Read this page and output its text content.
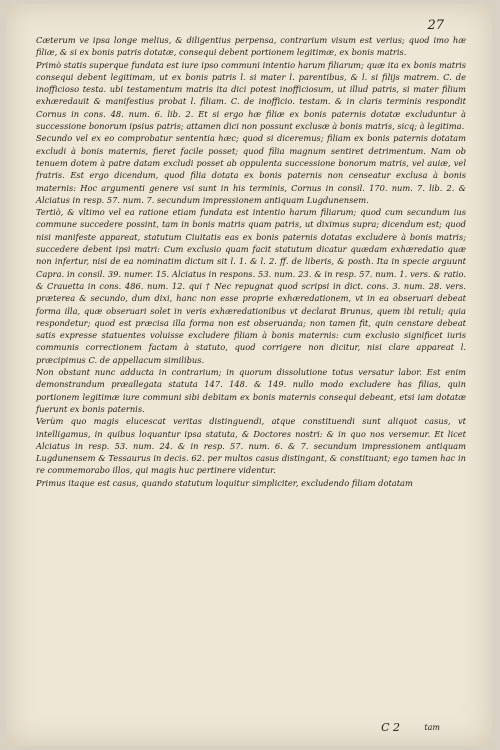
27

Cæterum ve ipsa longe melius, & diligentius perpensa, contrarium visum est verius; quod imo hæ filiæ, & si ex bonis patris dotatæ, consequi debent portionem legitimæ, ex bonis matris.

Primò statis superque fundata est iure ipso communi intentio harum filiarum; quæ ita ex bonis matris consequi debent legitimam, ut ex bonis patris l. si mater l. parentibus, & l. si filijs matrem. C. de inofficioso testa. ubi testamentum matris ita dici potest inofficiosum, ut illud patris, si mater filium exhæredauit & manifestius probat l. filiam. C. de inofficio. testam. & in claris terminis respondit Cornus in cons. 48. num. 6. lib. 2. Et si ergo hæ filiæ ex bonis paternis dotatæ excluduntur à successione bonorum ipsius patris; attamen dici non possunt exclusæ à bonis matris, sicq; à legitima.

Secundo vel ex eo comprobatur sententia hæc; quod si diceremus; filiam ex bonis paternis dotatam excludi à bonis maternis, fieret facile posset; quod filia magnum sentiret detrimentum. Nam ob tenuem dotem à patre datam excludi posset ab oppulenta successione bonorum matris, vel auiæ, vel fratris. Est ergo dicendum, quod filia dotata ex bonis paternis non censeatur exclusa à bonis maternis: Hoc argumenti genere vsi sunt in his terminis, Cornus in consil. 170. num. 7. lib. 2. & Alciatus in resp. 57. num. 7. secundum impressionem antiquam Lugdunensem.

Tertiò, & vltimo vel ea ratione etiam fundata est intentio harum filiarum; quod cum secundum ius commune succedere possint, tam in bonis matris quam patris, ut diximus supra; dicendum est; quod nisi manifeste appareat, statutum Ciuitatis eas ex bonis paternis dotatas excludere à bonis matris; succedere debent ipsi matri: Cum exclusio quam facit statutum dicatur quædam exhæredatio quæ non infertur, nisi de ea nominatim dictum sit l. 1. & l. 2. ff. de liberis, & posth. Ita in specie arguunt Capra. in consil. 39. numer. 15. Alciatus in respons. 53. num. 23. & in resp. 57. num. 1. vers. & ratio. & Crauetta in cons. 486. num. 12. qui † Nec repugnat quod scripsi in dict. cons. 3. num. 28. vers. præterea & secundo, dum dixi, hanc non esse proprie exhæredationem, vt in ea obseruari debeat forma illa, quæ obseruari solet in veris exhæredationibus vt declarat Brunus, quem ibi retuli; quia respondetur; quod est præcisa illa forma non est obseruanda; non tamen fit, quin censtare debeat satis expresse statuentes voluisse excludere filiam à bonis maternis: cum exclusio significet iuris communis correctionem factam à statuto, quod corrigere non dicitur, nisi clare appareat l. præcipimus C. de appellacum similibus.

Non obstant nunc adducta in contrarium; in quorum dissolutione totus versatur labor. Est enim demonstrandum præallegata statuta 147. 148. & 149. nullo modo excludere has filias, quin portionem legitimæ iure communi sibi debitam ex bonis maternis consequi debeant, etsi iam dotatæ fuerunt ex bonis paternis.

Verùm quo magis elucescat veritas distinguendi, atque constituendi sunt aliquot casus, vt intelligamus, in quibus loquantur ipsa statuta, & Doctores nostri: & in quo nos versemur. Et licet Alciatus in resp. 53. num. 24. & in resp. 57. num. 6. & 7. secundum impressionem antiquam Lugdunensem & Tessaurus in decis. 62. per multos casus distingant, & constituant; ego tamen hac in re commemorabo illos, qui magis huc pertinere videntur.

Primus itaque est casus, quando statutum loquitur simpliciter, excludendo filiam dotatam

C 2	tam
